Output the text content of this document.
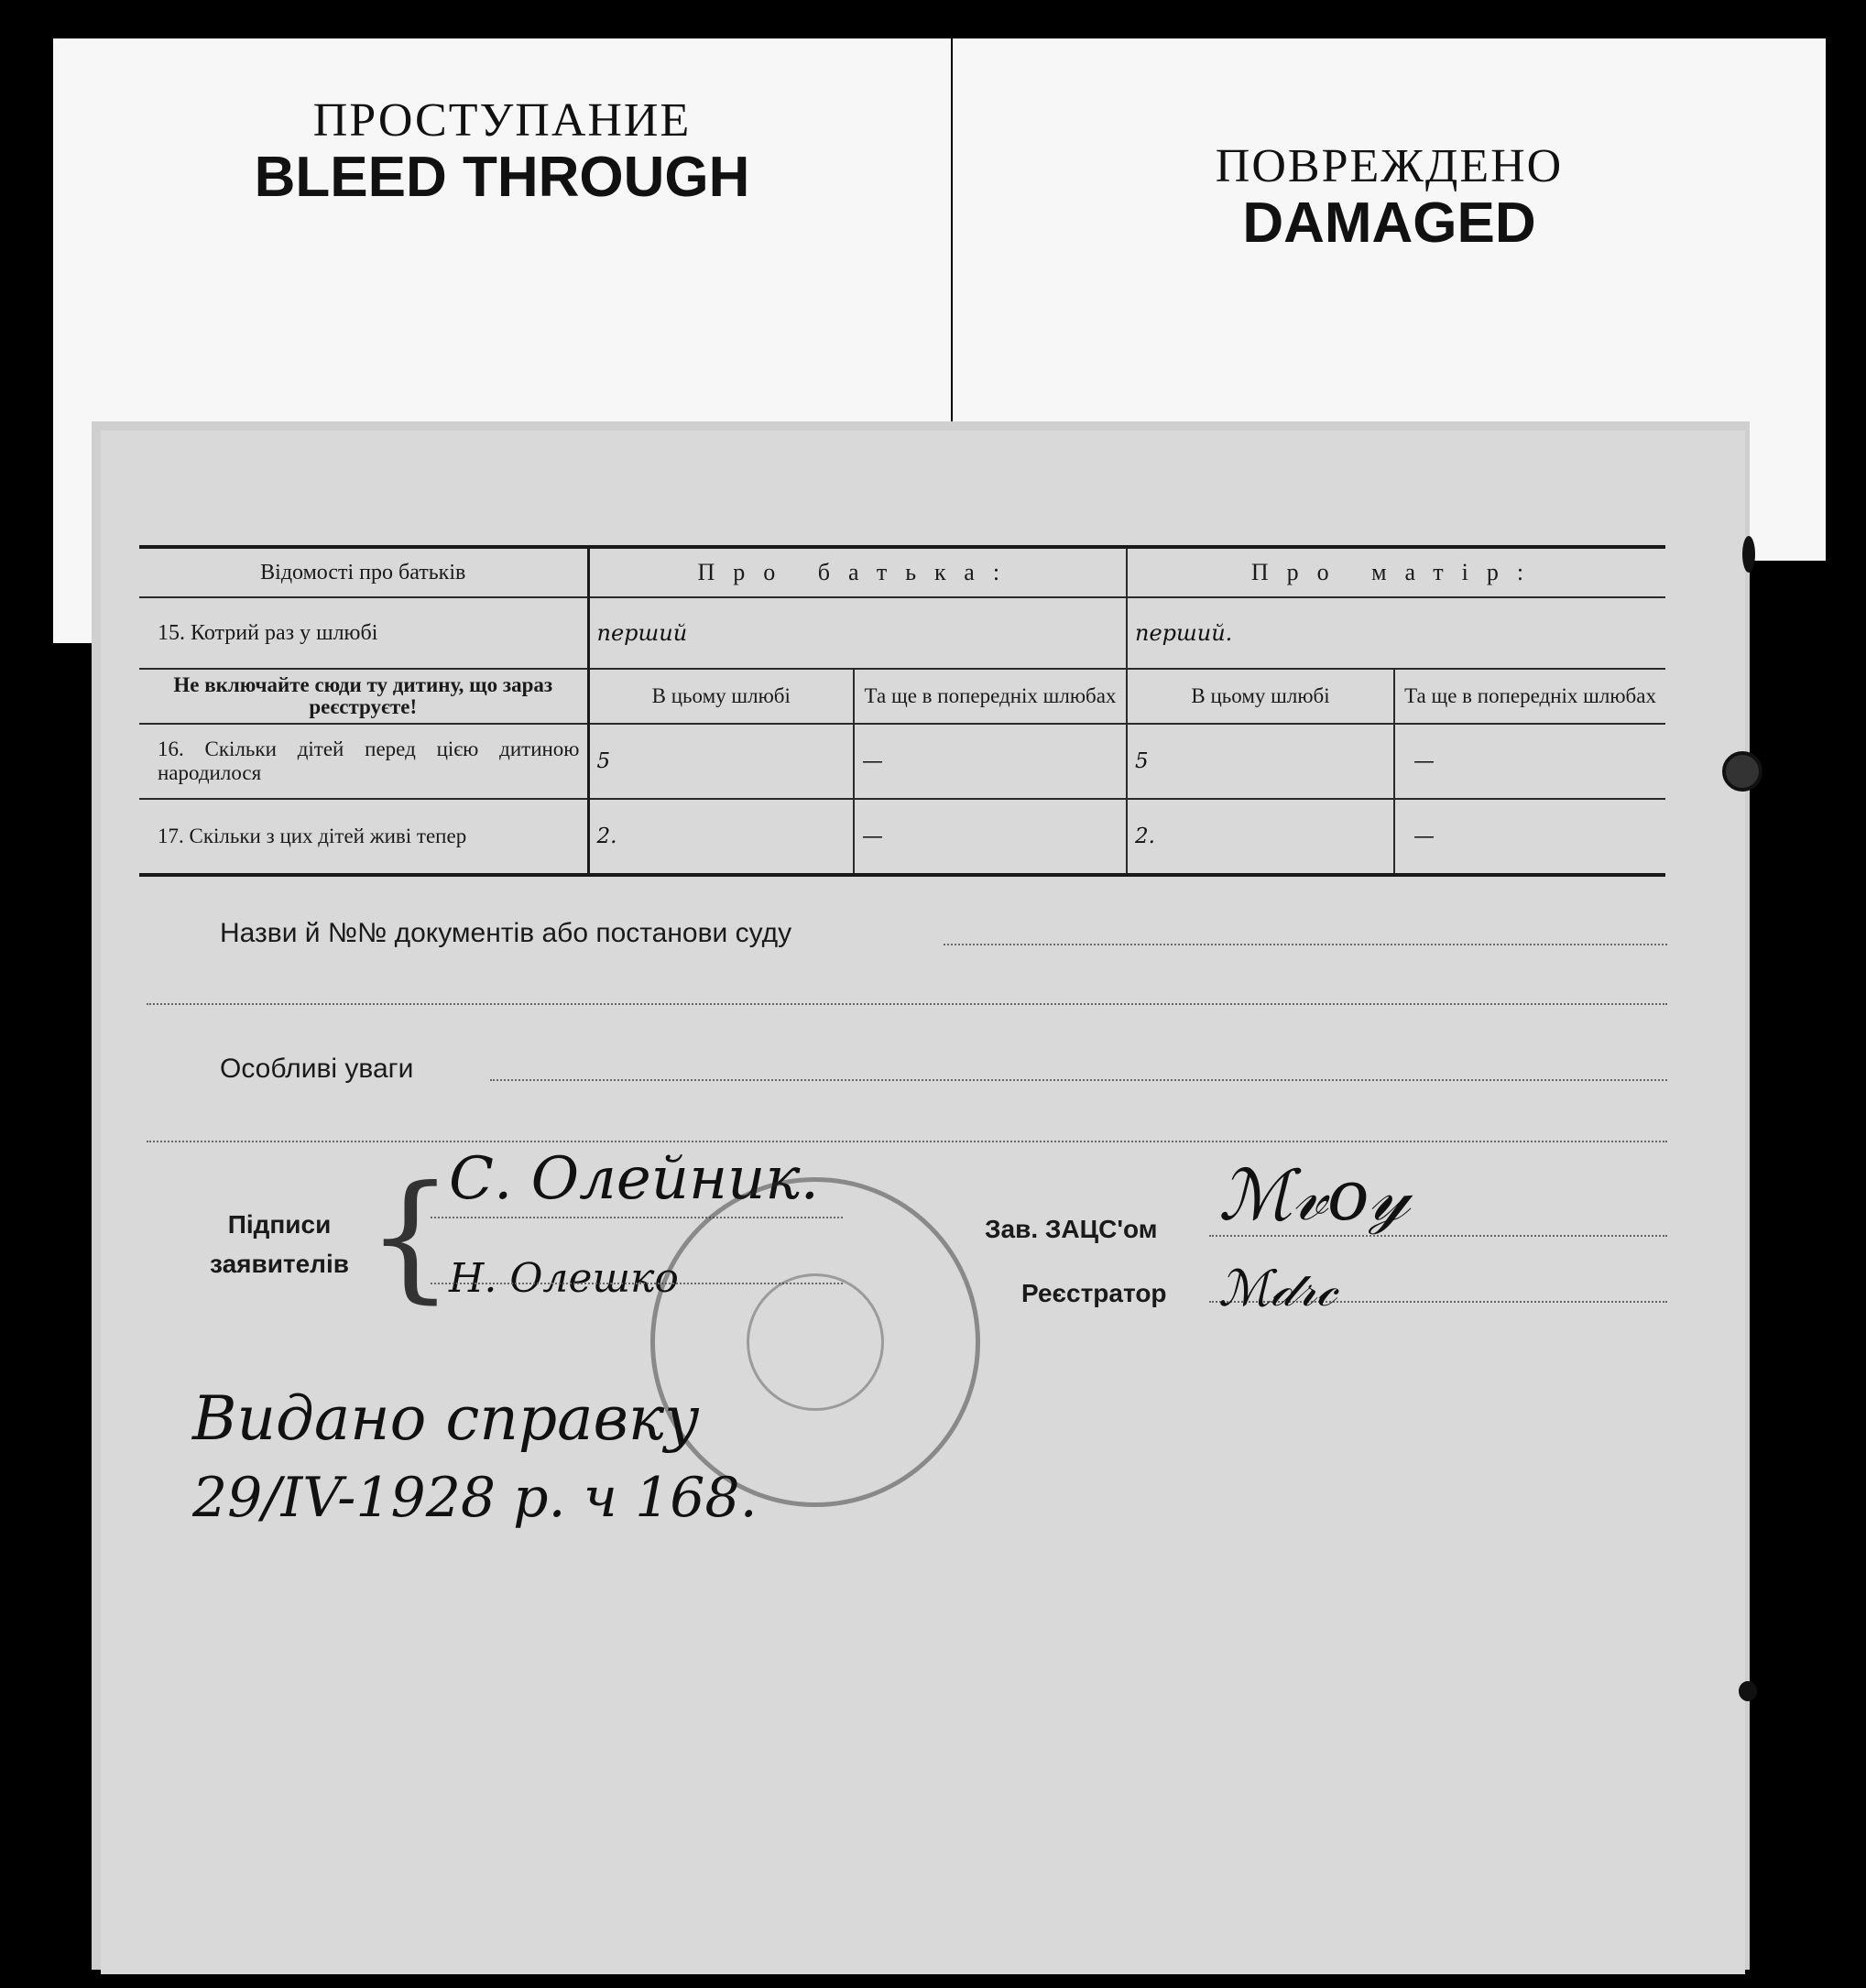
ПРОСТУПАНИЕ
BLEED THROUGH	ПОВРЕЖДЕНО
DAMAGED
Відомості про батьків	Про батька:		Про матір:	
15. Котрий раз у шлюбі	перший		перший.	
Не включайте сюди ту дитину, що зараз реєструєте!	В цьому шлюбі	Та ще в попередніх шлюбах	В цьому шлюбі	Та ще в попередніх шлюбах
16. Скільки дітей перед цією дитиною народилося	5	—	5	—
17. Скільки з цих дітей живі тепер	2.	—	2.	—
Назви й №№ документів або постанови суду
Особливі уваги
Підписи заявителів {
С. Олейник.
Н. Олешко
Зав. ЗАЦС'ом ℳ𝓋𝑜𝓎
Реєстратор ℳ𝒹𝓇𝒸
Видано справку
29/IV-1928 р. ч 168.
